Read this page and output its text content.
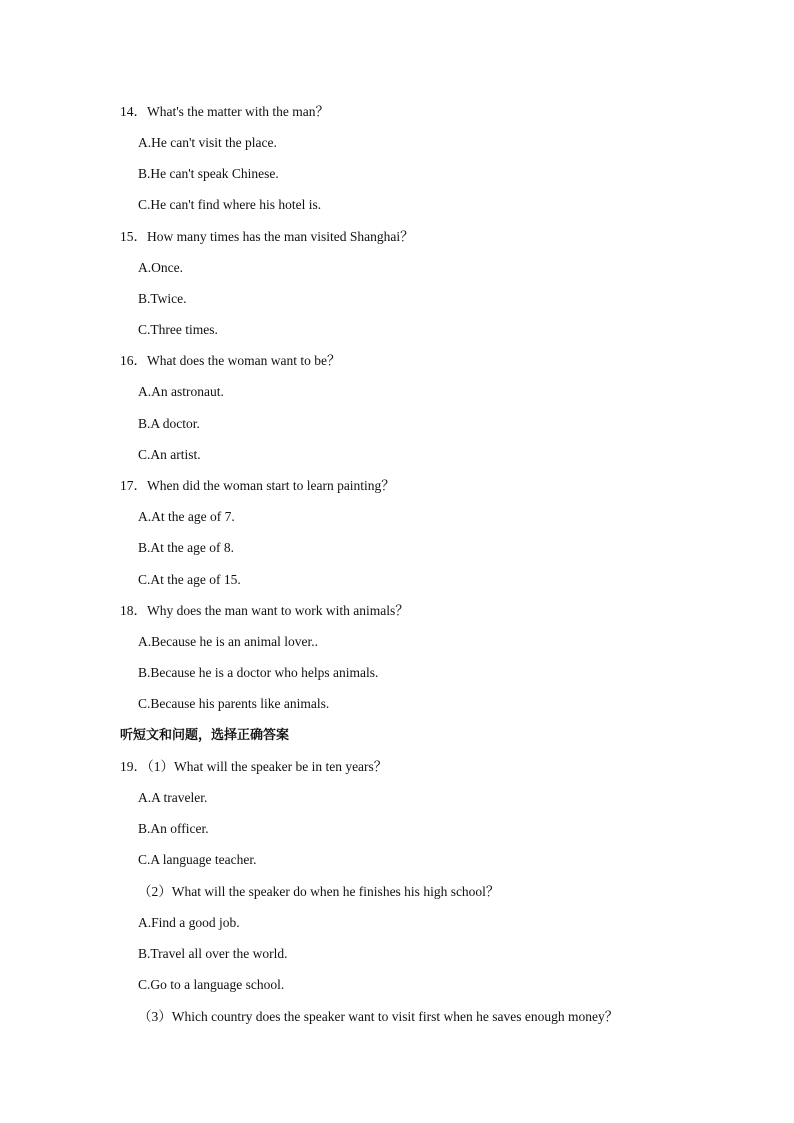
14．What's the matter with the man？
A.He can't visit the place.
B.He can't speak Chinese.
C.He can't find where his hotel is.
15．How many times has the man visited Shanghai？
A.Once.
B.Twice.
C.Three times.
16．What does the woman want to be？
A.An astronaut.
B.A doctor.
C.An artist.
17．When did the woman start to learn painting？
A.At the age of 7.
B.At the age of 8.
C.At the age of 15.
18．Why does the man want to work with animals？
A.Because he is an animal lover..
B.Because he is a doctor who helps animals.
C.Because his parents like animals.
听短文和问题，选择正确答案
19．（1）What will the speaker be in ten years？
A.A traveler.
B.An officer.
C.A language teacher.
（2）What will the speaker do when he finishes his high school？
A.Find a good job.
B.Travel all over the world.
C.Go to a language school.
（3）Which country does the speaker want to visit first when he saves enough money？
